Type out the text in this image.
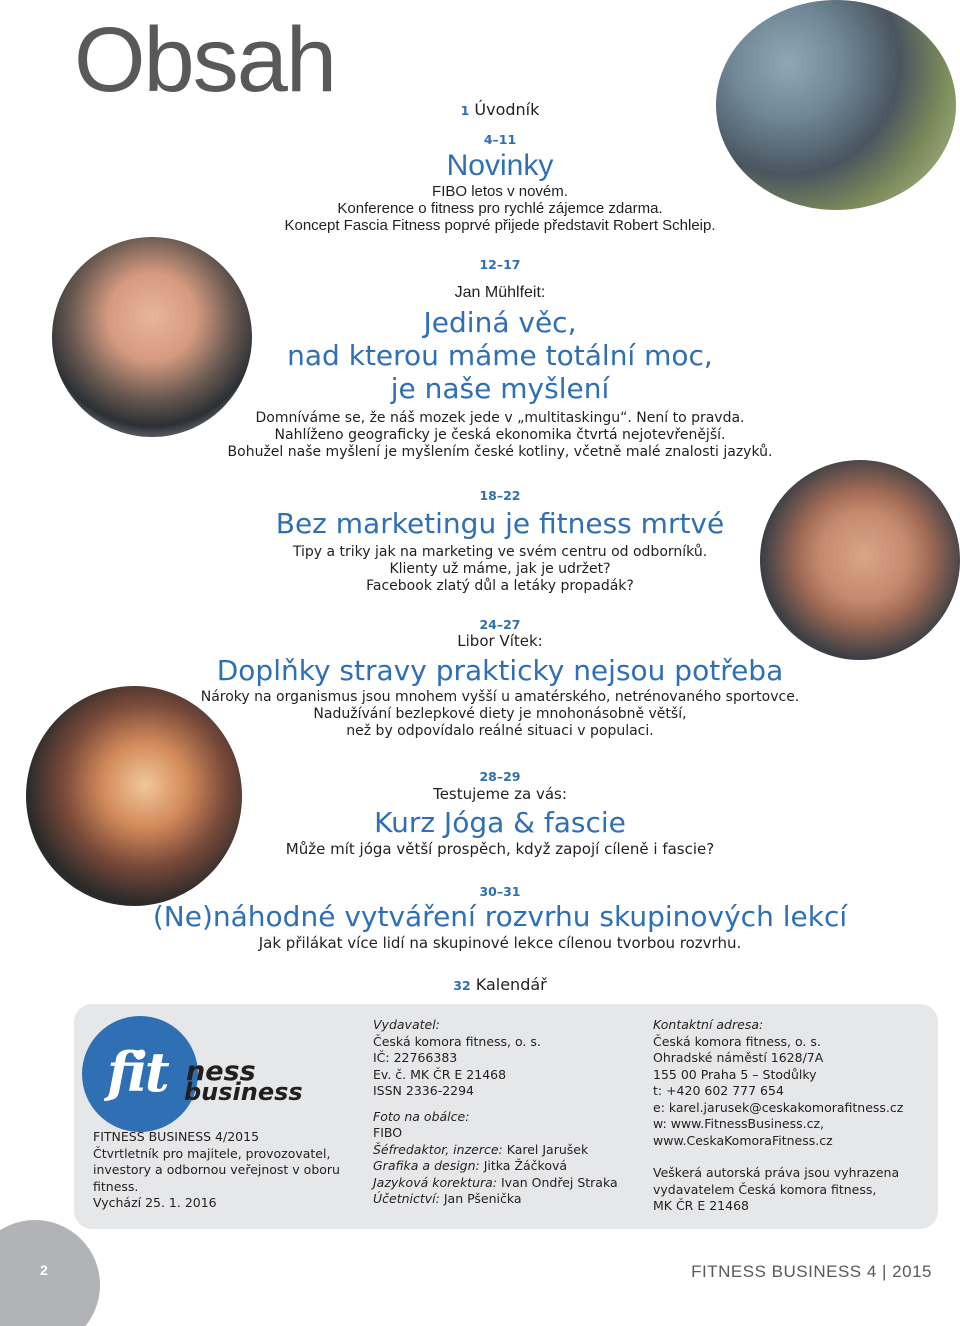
Obsah	1 Úvodník
4–11
Novinky
FIBO letos v novém.
Konference o fitness pro rychlé zájemce zdarma.
Koncept Fascia Fitness poprvé přijede představit Robert Schleip.
12–17
Jan Mühlfeit:
Jediná věc,
nad kterou máme totální moc,
je naše myšlení
Domníváme se, že náš mozek jede v „multitaskingu“. Není to pravda.
Nahlíženo geograficky je česká ekonomika čtvrtá nejotevřenější.
Bohužel naše myšlení je myšlením české kotliny, včetně malé znalosti jazyků.
18–22
Bez marketingu je fitness mrtvé
Tipy a triky jak na marketing ve svém centru od odborníků.
Klienty už máme, jak je udržet?
Facebook zlatý důl a letáky propadák?
24–27
Libor Vítek:
Doplňky stravy prakticky nejsou potřeba
Nároky na organismus jsou mnohem vyšší u amatérského, netrénovaného sportovce.
Nadužívání bezlepkové diety je mnohonásobně větší,
než by odpovídalo reálné situaci v populaci.
28–29
Testujeme za vás:
Kurz Jóga & fascie
Může mít jóga větší prospěch, když zapojí cíleně i fascie?
30–31
(Ne)náhodné vytváření rozvrhu skupinových lekcí
Jak přilákat více lidí na skupinové lekce cílenou tvorbou rozvrhu.
32 Kalendář
fit ness
business
FITNESS BUSINESS 4/2015
Čtvrtletník pro majitele, provozovatel,
investory a odbornou veřejnost v oboru
fitness.
Vychází 25. 1. 2016
Vydavatel:
Česká komora fitness, o. s.
IČ: 22766383
Ev. č. MK ČR E 21468
ISSN 2336-2294
Foto na obálce:
FIBO
Šéfredaktor, inzerce: Karel Jarušek
Grafika a design: Jitka Žáčková
Jazyková korektura: Ivan Ondřej Straka
Účetnictví: Jan Pšenička
Kontaktní adresa:
Česká komora fitness, o. s.
Ohradské náměstí 1628/7A
155 00 Praha 5 – Stodůlky
t: +420 602 777 654
e: karel.jarusek@ceskakomorafitness.cz
w: www.FitnessBusiness.cz,
www.CeskaKomoraFitness.cz
Veškerá autorská práva jsou vyhrazena
vydavatelem Česká komora fitness,
MK ČR E 21468
2	FITNESS BUSINESS 4 | 2015
